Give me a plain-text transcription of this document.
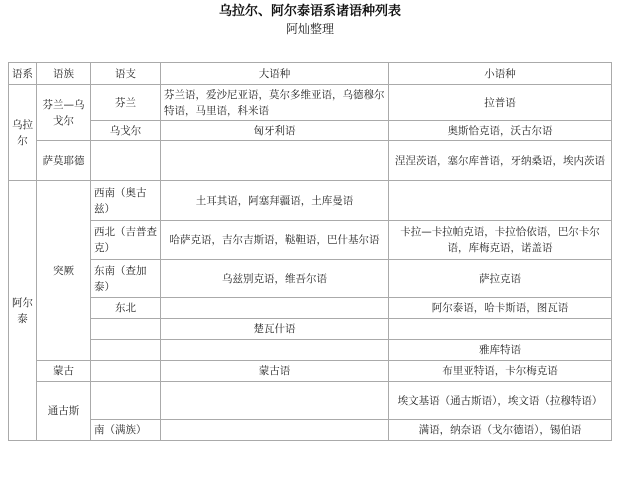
乌拉尔、阿尔泰语系诸语种列表
阿灿整理
语系	语族	语支	大语种	小语种
乌拉尔	芬兰—乌戈尔	芬兰	芬兰语，爱沙尼亚语，莫尔多维亚语，乌德穆尔特语，马里语，科米语	拉普语
		乌戈尔	匈牙利语	奥斯恰克语，沃古尔语
	萨莫耶德			涅涅茨语，塞尔库普语，牙纳桑语，埃内茨语
阿尔泰	突厥	西南（奥古兹）	土耳其语，阿塞拜疆语，土库曼语	
		西北（吉普查克）	哈萨克语，吉尔吉斯语，鞑靼语，巴什基尔语	卡拉—卡拉帕克语，卡拉恰依语，巴尔卡尔语，库梅克语，诺盖语
		东南（查加泰）	乌兹别克语，维吾尔语	萨拉克语
		东北		阿尔泰语，哈卡斯语，图瓦语
			楚瓦什语	
				雅库特语
	蒙古		蒙古语	布里亚特语，卡尔梅克语
	通古斯			埃文基语（通古斯语），埃文语（拉穆特语）
		南（满族）		满语，纳奈语（戈尔德语），锡伯语
